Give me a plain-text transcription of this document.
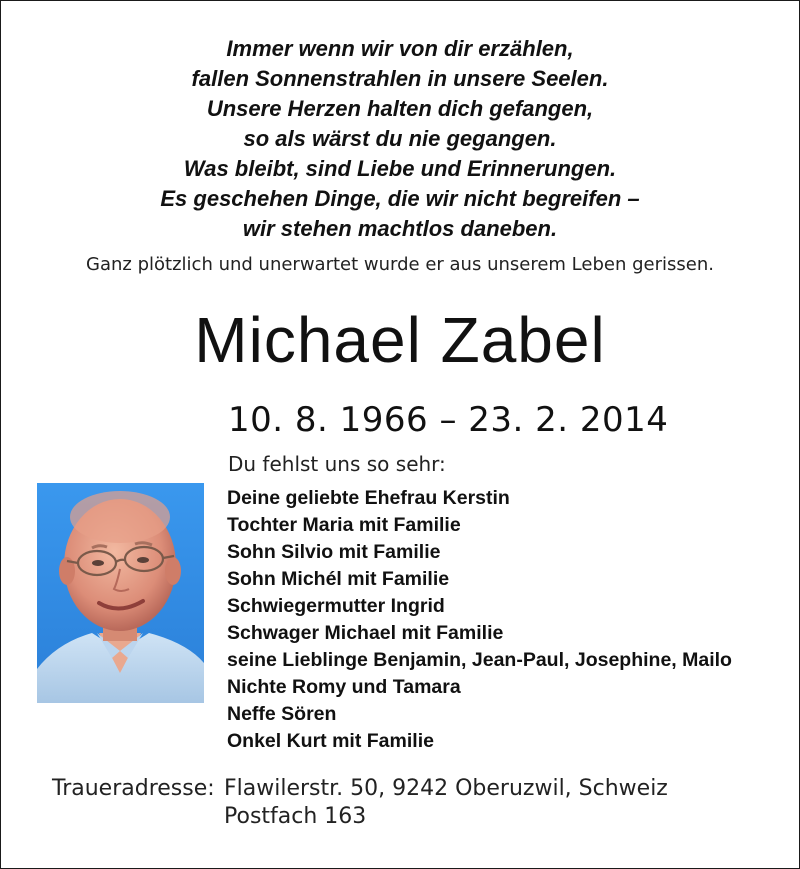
Immer wenn wir von dir erzählen,
fallen Sonnenstrahlen in unsere Seelen.
Unsere Herzen halten dich gefangen,
so als wärst du nie gegangen.
Was bleibt, sind Liebe und Erinnerungen.
Es geschehen Dinge, die wir nicht begreifen –
wir stehen machtlos daneben.
Ganz plötzlich und unerwartet wurde er aus unserem Leben gerissen.
Michael Zabel
10. 8. 1966 – 23. 2. 2014
Du fehlst uns so sehr:
Deine geliebte Ehefrau Kerstin
Tochter Maria mit Familie
Sohn Silvio mit Familie
Sohn Michél mit Familie
Schwiegermutter Ingrid
Schwager Michael mit Familie
seine Lieblinge Benjamin, Jean-Paul, Josephine, Mailo
Nichte Romy und Tamara
Neffe Sören
Onkel Kurt mit Familie
Traueradresse: Flawilerstr. 50, 9242 Oberuzwil, Schweiz
Postfach 163
